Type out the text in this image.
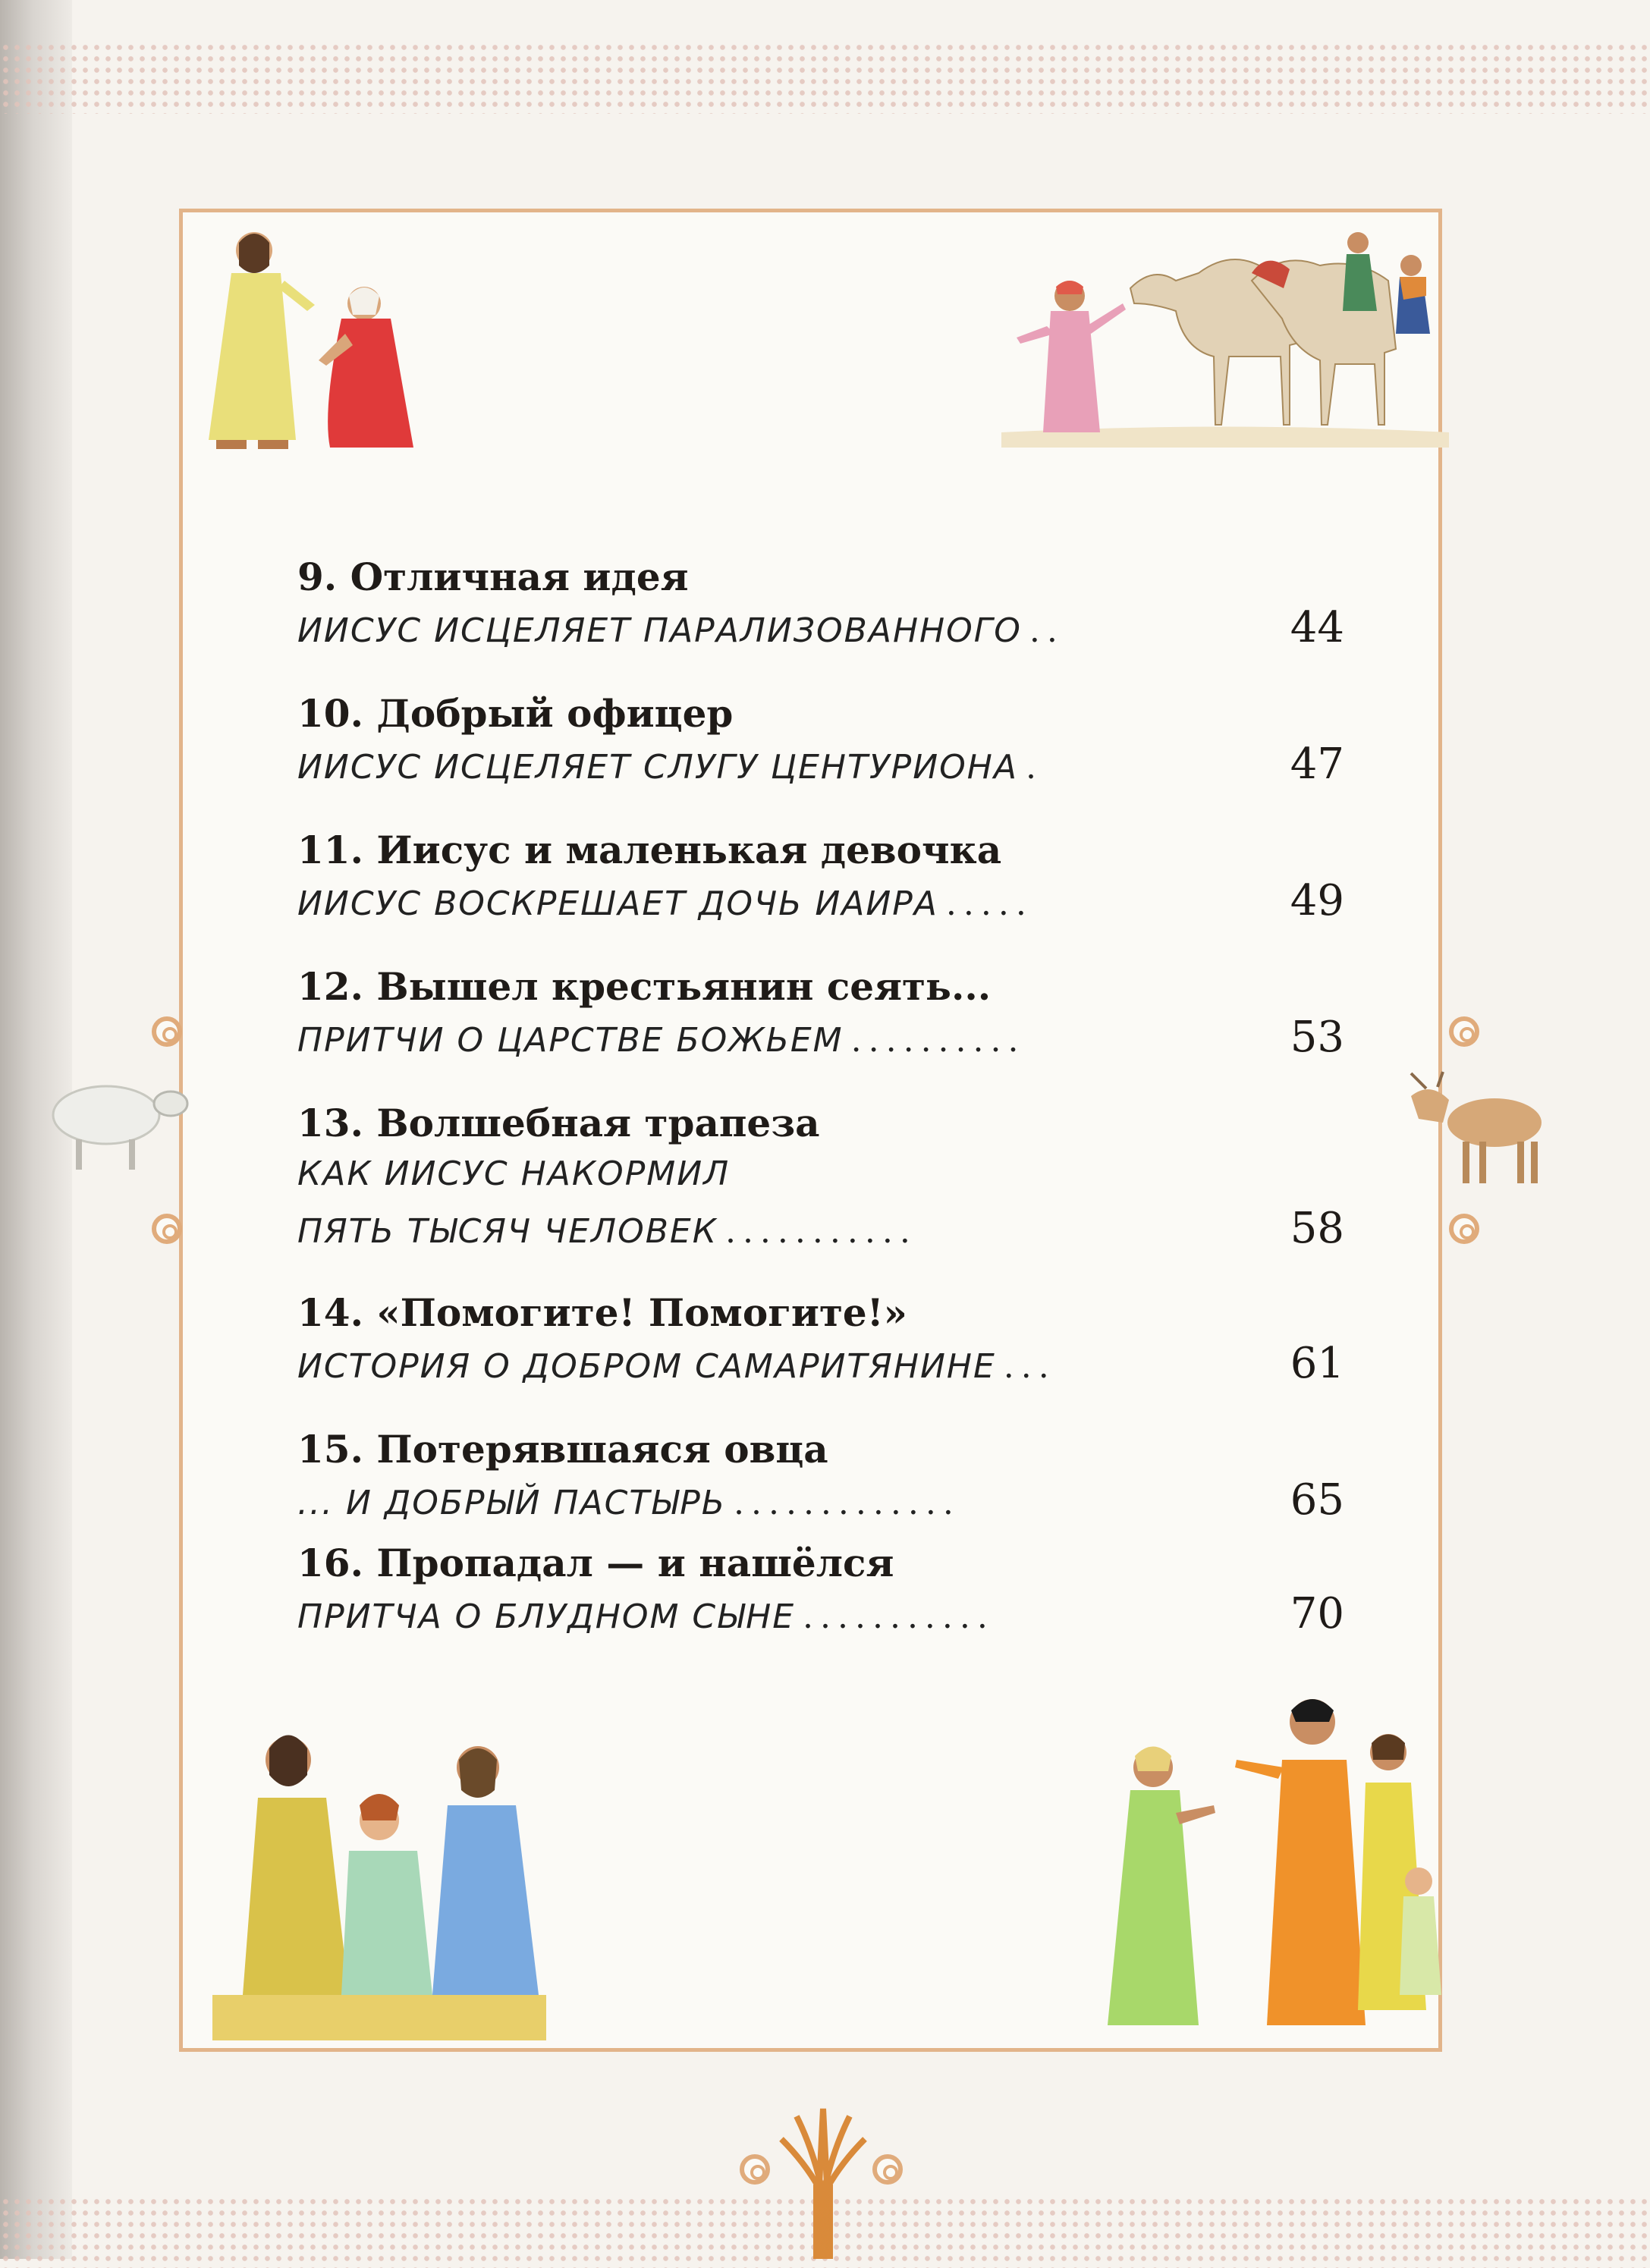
9. Отличная идея
ИИСУС ИСЦЕЛЯЕТ ПАРАЛИЗОВАННОГО ..	44
10. Добрый офицер
ИИСУС ИСЦЕЛЯЕТ СЛУГУ ЦЕНТУРИОНА .	47
11. Иисус и маленькая девочка
ИИСУС ВОСКРЕШАЕТ ДОЧЬ ИАИРА .....	49
12. Вышел крестьянин сеять...
ПРИТЧИ О ЦАРСТВЕ БОЖЬЕМ ..........	53
13. Волшебная трапеза
КАК ИИСУС НАКОРМИЛ
ПЯТЬ ТЫСЯЧ ЧЕЛОВЕК ...........	58
14. «Помогите! Помогите!»
ИСТОРИЯ О ДОБРОМ САМАРИТЯНИНЕ ...	61
15. Потерявшаяся овца
... И ДОБРЫЙ ПАСТЫРЬ .............	65
16. Пропадал — и нашёлся
ПРИТЧА О БЛУДНОМ СЫНЕ ...........	70
